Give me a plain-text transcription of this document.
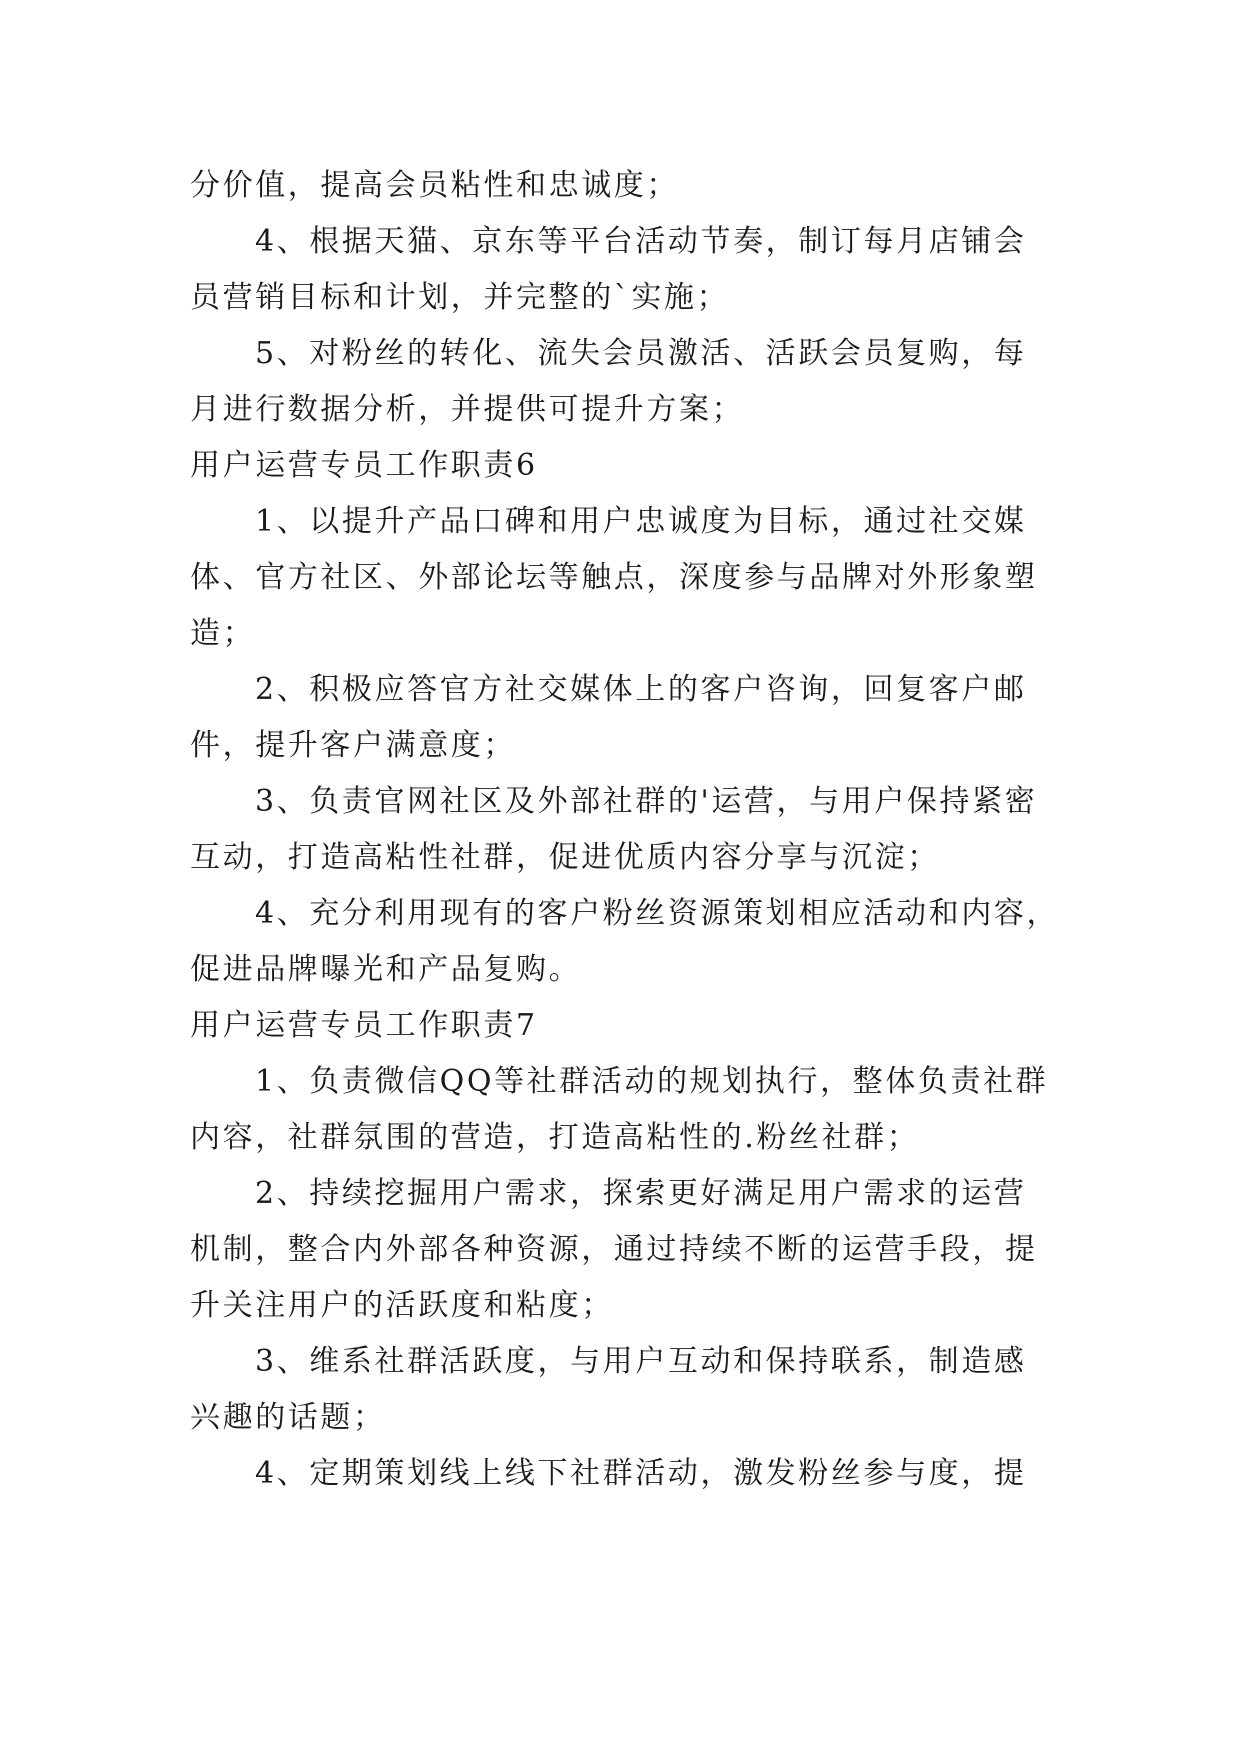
分价值，提高会员粘性和忠诚度；
4、根据天猫、京东等平台活动节奏，制订每月店铺会
员营销目标和计划，并完整的`实施；
5、对粉丝的转化、流失会员激活、活跃会员复购，每
月进行数据分析，并提供可提升方案；
用户运营专员工作职责6
1、以提升产品口碑和用户忠诚度为目标，通过社交媒
体、官方社区、外部论坛等触点，深度参与品牌对外形象塑
造；
2、积极应答官方社交媒体上的客户咨询，回复客户邮
件，提升客户满意度；
3、负责官网社区及外部社群的'运营，与用户保持紧密
互动，打造高粘性社群，促进优质内容分享与沉淀；
4、充分利用现有的客户粉丝资源策划相应活动和内容，
促进品牌曝光和产品复购。
用户运营专员工作职责7
1、负责微信QQ等社群活动的规划执行，整体负责社群
内容，社群氛围的营造，打造高粘性的.粉丝社群；
2、持续挖掘用户需求，探索更好满足用户需求的运营
机制，整合内外部各种资源，通过持续不断的运营手段，提
升关注用户的活跃度和粘度；
3、维系社群活跃度，与用户互动和保持联系，制造感
兴趣的话题；
4、定期策划线上线下社群活动，激发粉丝参与度，提
